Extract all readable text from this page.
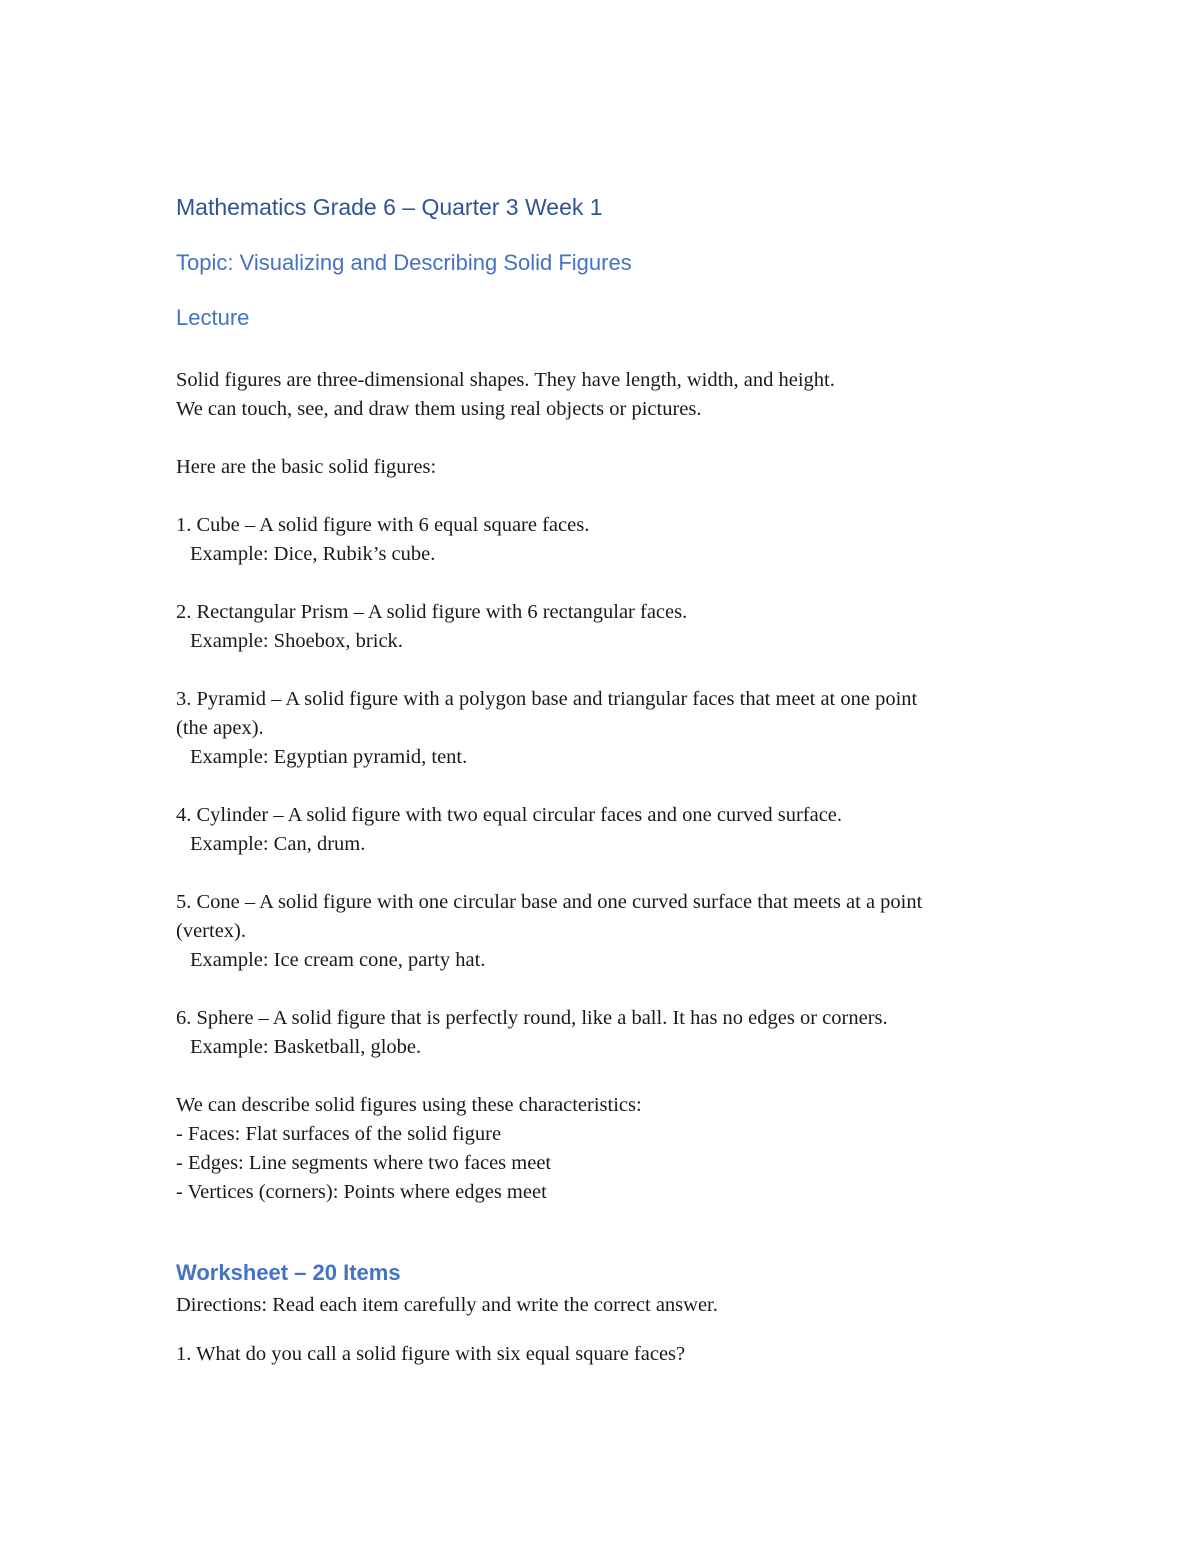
Mathematics Grade 6 – Quarter 3 Week 1
Topic: Visualizing and Describing Solid Figures
Lecture
Solid figures are three-dimensional shapes. They have length, width, and height.
We can touch, see, and draw them using real objects or pictures.
Here are the basic solid figures:
1. Cube – A solid figure with 6 equal square faces.
Example: Dice, Rubik’s cube.
2. Rectangular Prism – A solid figure with 6 rectangular faces.
Example: Shoebox, brick.
3. Pyramid – A solid figure with a polygon base and triangular faces that meet at one point
(the apex).
Example: Egyptian pyramid, tent.
4. Cylinder – A solid figure with two equal circular faces and one curved surface.
Example: Can, drum.
5. Cone – A solid figure with one circular base and one curved surface that meets at a point
(vertex).
Example: Ice cream cone, party hat.
6. Sphere – A solid figure that is perfectly round, like a ball. It has no edges or corners.
Example: Basketball, globe.
We can describe solid figures using these characteristics:
- Faces: Flat surfaces of the solid figure
- Edges: Line segments where two faces meet
- Vertices (corners): Points where edges meet
Worksheet – 20 Items
Directions: Read each item carefully and write the correct answer.
1. What do you call a solid figure with six equal square faces?
